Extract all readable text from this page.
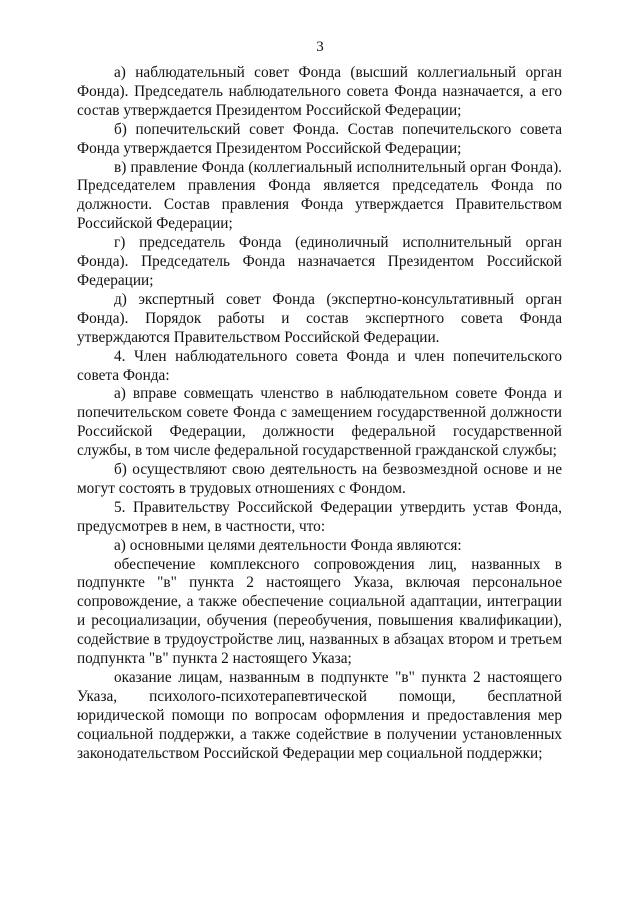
3

а) наблюдательный совет Фонда (высший коллегиальный орган Фонда). Председатель наблюдательного совета Фонда назначается, а его состав утверждается Президентом Российской Федерации;

б) попечительский совет Фонда. Состав попечительского совета Фонда утверждается Президентом Российской Федерации;

в) правление Фонда (коллегиальный исполнительный орган Фонда). Председателем правления Фонда является председатель Фонда по должности. Состав правления Фонда утверждается Правительством Российской Федерации;

г) председатель Фонда (единоличный исполнительный орган Фонда). Председатель Фонда назначается Президентом Российской Федерации;

д) экспертный совет Фонда (экспертно-консультативный орган Фонда). Порядок работы и состав экспертного совета Фонда утверждаются Правительством Российской Федерации.

4. Член наблюдательного совета Фонда и член попечительского совета Фонда:

а) вправе совмещать членство в наблюдательном совете Фонда и попечительском совете Фонда с замещением государственной должности Российской Федерации, должности федеральной государственной службы, в том числе федеральной государственной гражданской службы;

б) осуществляют свою деятельность на безвозмездной основе и не могут состоять в трудовых отношениях с Фондом.

5. Правительству Российской Федерации утвердить устав Фонда, предусмотрев в нем, в частности, что:

а) основными целями деятельности Фонда являются:

обеспечение комплексного сопровождения лиц, названных в подпункте "в" пункта 2 настоящего Указа, включая персональное сопровождение, а также обеспечение социальной адаптации, интеграции и ресоциализации, обучения (переобучения, повышения квалификации), содействие в трудоустройстве лиц, названных в абзацах втором и третьем подпункта "в" пункта 2 настоящего Указа;

оказание лицам, названным в подпункте "в" пункта 2 настоящего Указа, психолого-психотерапевтической помощи, бесплатной юридической помощи по вопросам оформления и предоставления мер социальной поддержки, а также содействие в получении установленных законодательством Российской Федерации мер социальной поддержки;
